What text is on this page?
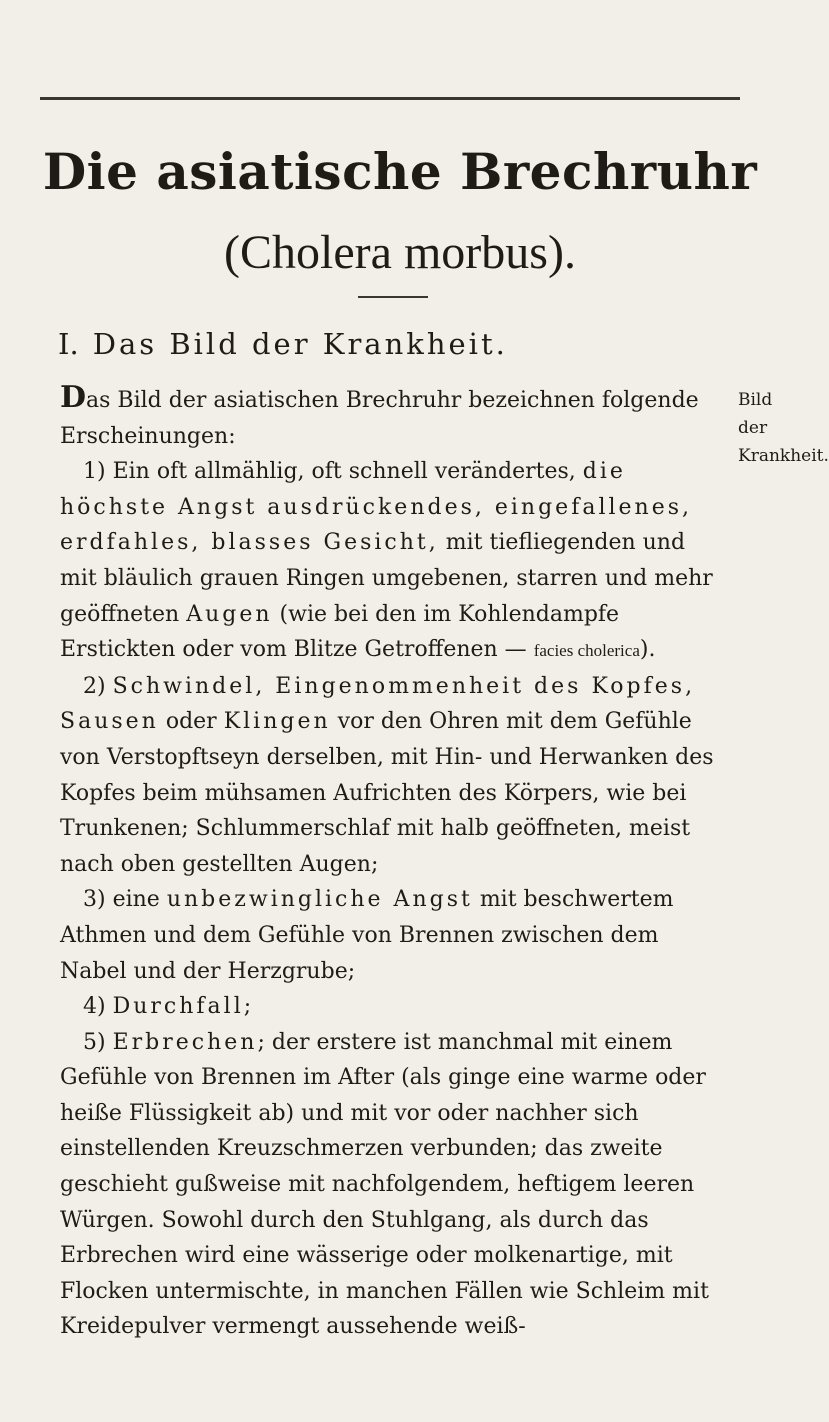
Die asiatische Brechruhr
(Cholera morbus).
I. Das Bild der Krankheit.
Bild der
Krankheit.

Das Bild der asiatischen Brechruhr bezeichnen folgende Erscheinungen:

1) Ein oft allmählig, oft schnell verändertes, die höchste Angst ausdrückendes, eingefallenes, erdfahles, blasses Gesicht, mit tiefliegenden und mit bläulich grauen Ringen umgebenen, starren und mehr geöffneten Augen (wie bei den im Kohlendampfe Erstickten oder vom Blitze Getroffenen — facies cholerica).

2) Schwindel, Eingenommenheit des Kopfes, Sausen oder Klingen vor den Ohren mit dem Gefühle von Verstopftseyn derselben, mit Hin- und Herwanken des Kopfes beim mühsamen Aufrichten des Körpers, wie bei Trunkenen; Schlummerschlaf mit halb geöffneten, meist nach oben gestellten Augen;

3) eine unbezwingliche Angst mit beschwertem Athmen und dem Gefühle von Brennen zwischen dem Nabel und der Herzgrube;

4) Durchfall;

5) Erbrechen; der erstere ist manchmal mit einem Gefühle von Brennen im After (als ginge eine warme oder heiße Flüssigkeit ab) und mit vor oder nachher sich einstellenden Kreuzschmerzen verbunden; das zweite geschieht gußweise mit nachfolgendem, heftigem leeren Würgen. Sowohl durch den Stuhlgang, als durch das Erbrechen wird eine wässerige oder molkenartige, mit Flocken untermischte, in manchen Fällen wie Schleim mit Kreidepulver vermengt aussehende weiß-
